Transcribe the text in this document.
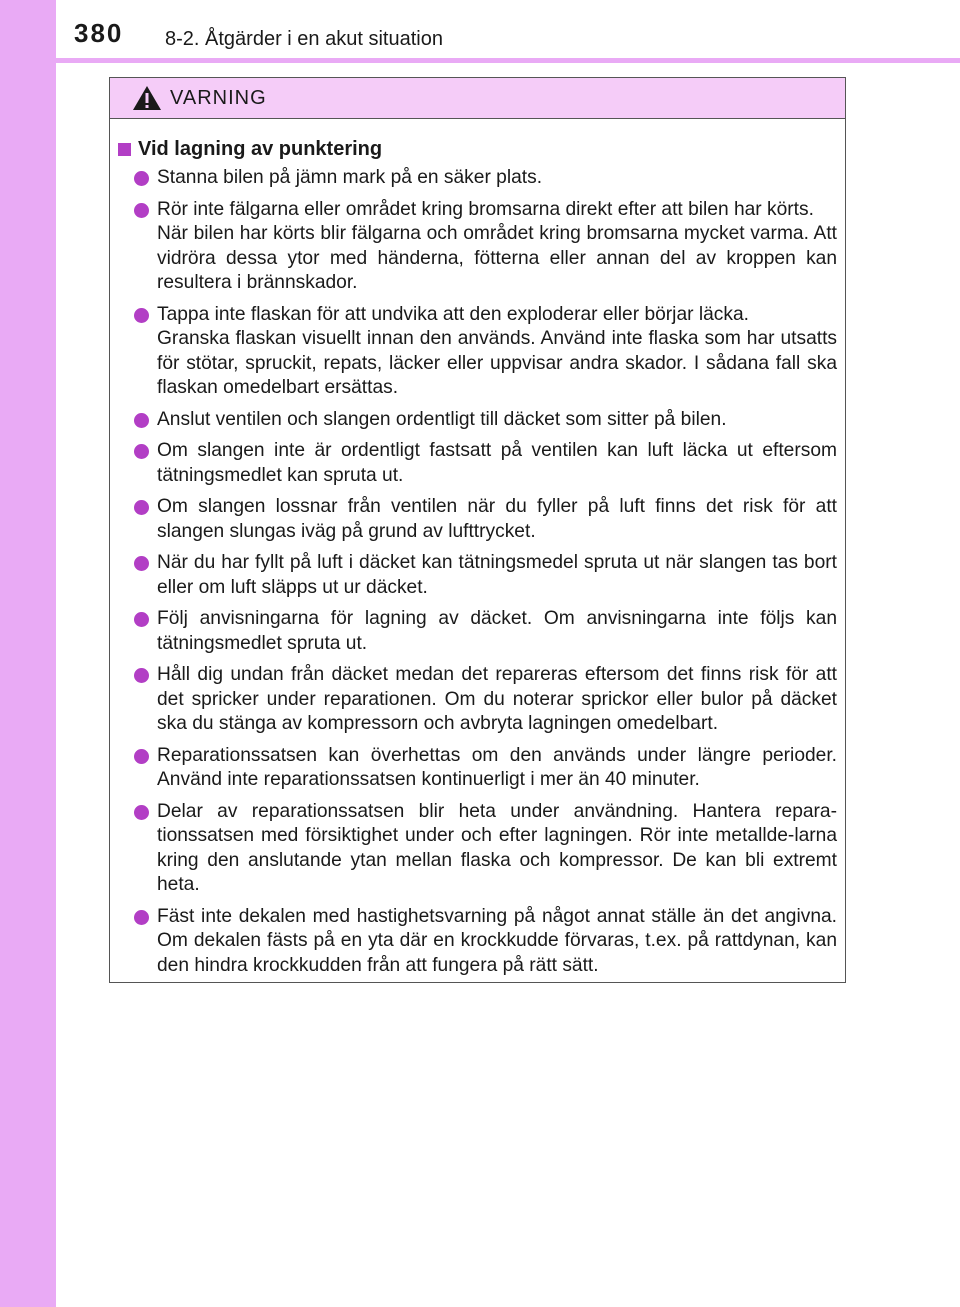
380 8-2. Åtgärder i en akut situation
VARNING
Vid lagning av punktering

Stanna bilen på jämn mark på en säker plats.

Rör inte fälgarna eller området kring bromsarna direkt efter att bilen har körts.

När bilen har körts blir fälgarna och området kring bromsarna mycket varma. Att vidröra dessa ytor med händerna, fötterna eller annan del av kroppen kan resultera i brännskador.

Tappa inte flaskan för att undvika att den exploderar eller börjar läcka.

Granska flaskan visuellt innan den används. Använd inte flaska som har utsatts för stötar, spruckit, repats, läcker eller uppvisar andra skador. I sådana fall ska flaskan omedelbart ersättas.

Anslut ventilen och slangen ordentligt till däcket som sitter på bilen.

Om slangen inte är ordentligt fastsatt på ventilen kan luft läcka ut eftersom tätningsmedlet kan spruta ut.

Om slangen lossnar från ventilen när du fyller på luft finns det risk för att slangen slungas iväg på grund av lufttrycket.

När du har fyllt på luft i däcket kan tätningsmedel spruta ut när slangen tas bort eller om luft släpps ut ur däcket.

Följ anvisningarna för lagning av däcket. Om anvisningarna inte följs kan tätningsmedlet spruta ut.

Håll dig undan från däcket medan det repareras eftersom det finns risk för att det spricker under reparationen. Om du noterar sprickor eller bulor på däcket ska du stänga av kompressorn och avbryta lagningen omedelbart.

Reparationssatsen kan överhettas om den används under längre perioder. Använd inte reparationssatsen kontinuerligt i mer än 40 minuter.

Delar av reparationssatsen blir heta under användning. Hantera repara-tionssatsen med försiktighet under och efter lagningen. Rör inte metallde-larna kring den anslutande ytan mellan flaska och kompressor. De kan bli extremt heta.

Fäst inte dekalen med hastighetsvarning på något annat ställe än det angivna. Om dekalen fästs på en yta där en krockkudde förvaras, t.ex. på rattdynan, kan den hindra krockkudden från att fungera på rätt sätt.
